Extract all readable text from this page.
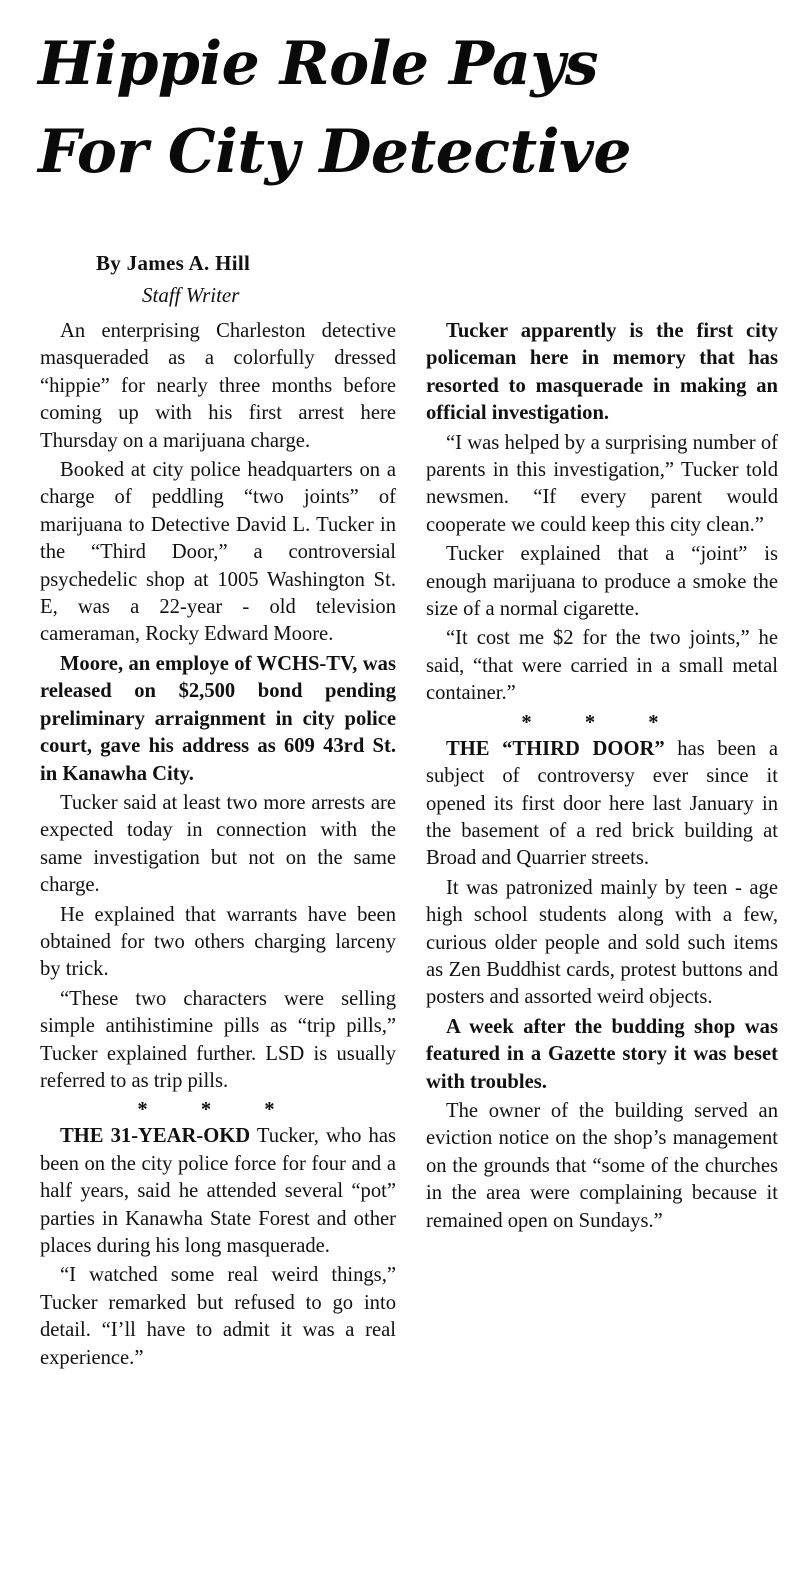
Hippie Role Pays
For City Detective
By James A. Hill
Staff Writer

An enterprising Charleston detective masqueraded as a colorfully dressed “hippie” for nearly three months before coming up with his first arrest here Thursday on a marijuana charge.

Booked at city police headquarters on a charge of peddling “two joints” of marijuana to Detective David L. Tucker in the “Third Door,” a controversial psychedelic shop at 1005 Washington St. E, was a 22-year - old television cameraman, Rocky Edward Moore.

Moore, an employe of WCHS-TV, was released on $2,500 bond pending preliminary arraignment in city police court, gave his address as 609 43rd St. in Kanawha City.

Tucker said at least two more arrests are expected today in connection with the same investigation but not on the same charge.

He explained that warrants have been obtained for two others charging larceny by trick.

“These two characters were selling simple antihistimine pills as “trip pills,” Tucker explained further. LSD is usually referred to as trip pills.

* * *

THE 31-YEAR-OKD Tucker, who has been on the city police force for four and a half years, said he attended several “pot” parties in Kanawha State Forest and other places during his long masquerade.

“I watched some real weird things,” Tucker remarked but refused to go into detail. “I’ll have to admit it was a real experience.”

Tucker apparently is the first city policeman here in memory that has resorted to masquerade in making an official investigation.

“I was helped by a surprising number of parents in this investigation,” Tucker told newsmen. “If every parent would cooperate we could keep this city clean.”

Tucker explained that a “joint” is enough marijuana to produce a smoke the size of a normal cigarette.

“It cost me $2 for the two joints,” he said, “that were carried in a small metal container.”

* * *

THE “THIRD DOOR” has been a subject of controversy ever since it opened its first door here last January in the basement of a red brick building at Broad and Quarrier streets.

It was patronized mainly by teen - age high school students along with a few, curious older people and sold such items as Zen Buddhist cards, protest buttons and posters and assorted weird objects.

A week after the budding shop was featured in a Gazette story it was beset with troubles.

The owner of the building served an eviction notice on the shop’s management on the grounds that “some of the churches in the area were complaining because it remained open on Sundays.”
